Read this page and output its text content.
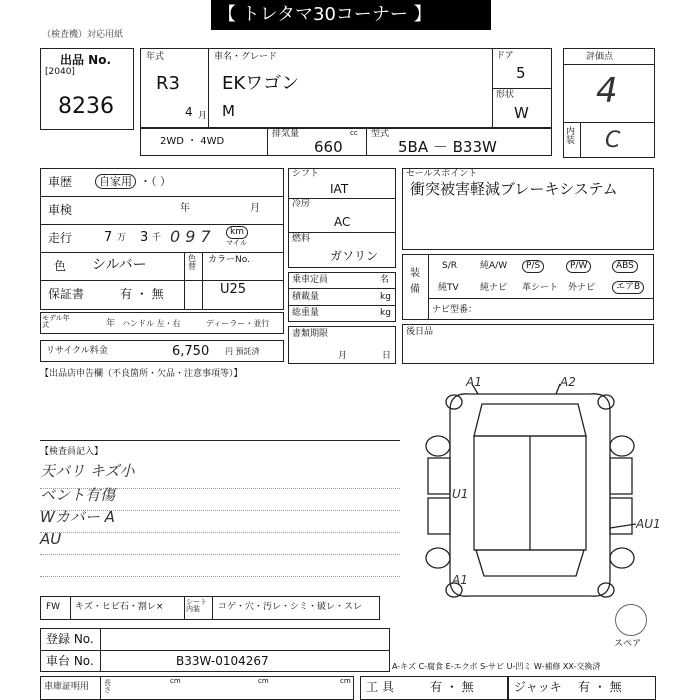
【 トレタマ30コーナー 】
（検査機）対応用紙
出品 No.
[2040]
8236
年式
R3
4 月
車名・グレード
EKワゴン
M
ドア
5
形状
W
評価点
4
内装 C
2WD ・ 4WD
排気量	cc
660
型式
5BA － B33W
車歴	自家用 ・（ ）
車検	年	月
走行 7 万 3 千 0 9 7	km
マイル
色 シルバー	色替
カラーNo.
U25
保証書	有 ・ 無
モデル年式	年 ハンドル 左・右	ディーラー・並行
リサイクル料金	6,750 円 預託済
シフト
IAT
冷房
AC
燃料
ガソリン
乗車定員	名
積載量	kg
総重量	kg
書類期限
月	日
セールスポイント
衝突被害軽減ブレーキシステム
装備
S/R	純A/W	P/S	P/W	ABS
純TV 純ナビ 革シート 外ナビ	エアB
ナビ型番：
後日品
【出品店申告欄（不良箇所・欠品・注意事項等）】
【検査員記入】
天バリ キズ小
ベント有傷
Wカバー A
AU
A1	A2
U1
AU1
A1
スペア
FW キズ・ヒビ石・割レ×	シート内装	コゲ・穴・汚レ・シミ・破レ・スレ
登録 No.
車台 No.	B33W-0104267	A-キズ C-腐食 E-エクボ S-サビ U-凹ミ W-補修 XX-交換済
車庫証明用 長さ
cm	cm	cm 工 具	有 ・ 無	ジャッキ 有 ・ 無
